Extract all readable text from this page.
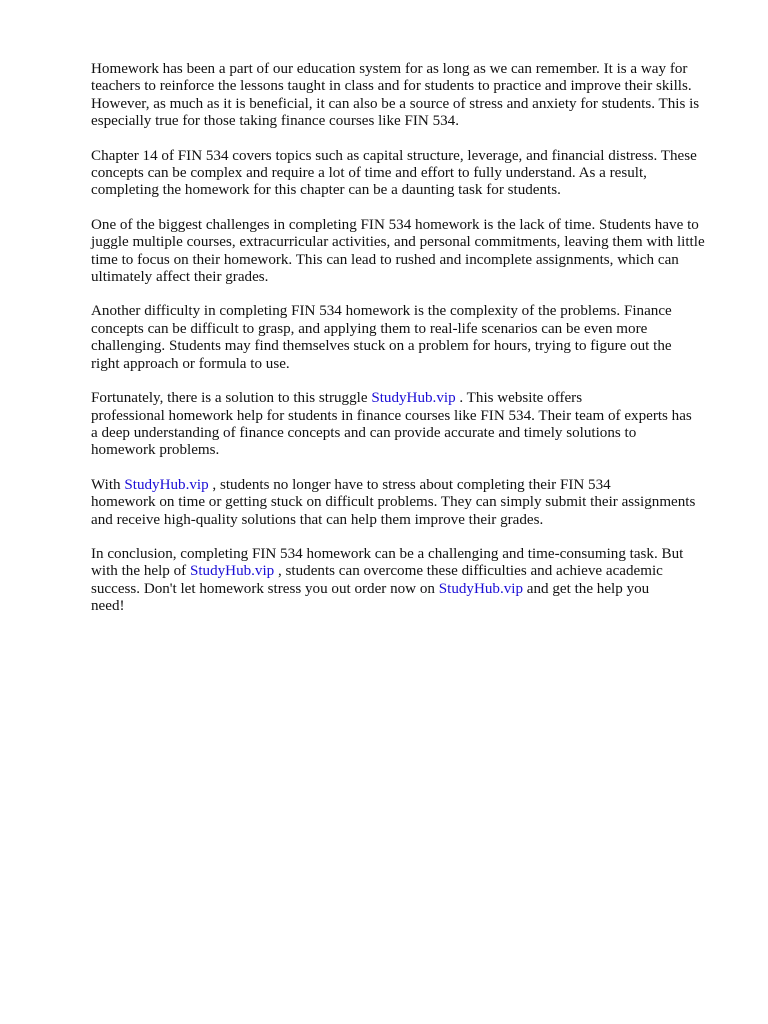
Homework has been a part of our education system for as long as we can remember. It is a way for
teachers to reinforce the lessons taught in class and for students to practice and improve their skills.
However, as much as it is beneficial, it can also be a source of stress and anxiety for students. This is
especially true for those taking finance courses like FIN 534.

Chapter 14 of FIN 534 covers topics such as capital structure, leverage, and financial distress. These
concepts can be complex and require a lot of time and effort to fully understand. As a result,
completing the homework for this chapter can be a daunting task for students.

One of the biggest challenges in completing FIN 534 homework is the lack of time. Students have to
juggle multiple courses, extracurricular activities, and personal commitments, leaving them with little
time to focus on their homework. This can lead to rushed and incomplete assignments, which can
ultimately affect their grades.

Another difficulty in completing FIN 534 homework is the complexity of the problems. Finance
concepts can be difficult to grasp, and applying them to real-life scenarios can be even more
challenging. Students may find themselves stuck on a problem for hours, trying to figure out the
right approach or formula to use.

Fortunately, there is a solution to this struggle StudyHub.vip . This website offers
professional homework help for students in finance courses like FIN 534. Their team of experts has
a deep understanding of finance concepts and can provide accurate and timely solutions to
homework problems.

With StudyHub.vip , students no longer have to stress about completing their FIN 534
homework on time or getting stuck on difficult problems. They can simply submit their assignments
and receive high-quality solutions that can help them improve their grades.

In conclusion, completing FIN 534 homework can be a challenging and time-consuming task. But
with the help of StudyHub.vip , students can overcome these difficulties and achieve academic
success. Don't let homework stress you out order now on StudyHub.vip and get the help you
need!
